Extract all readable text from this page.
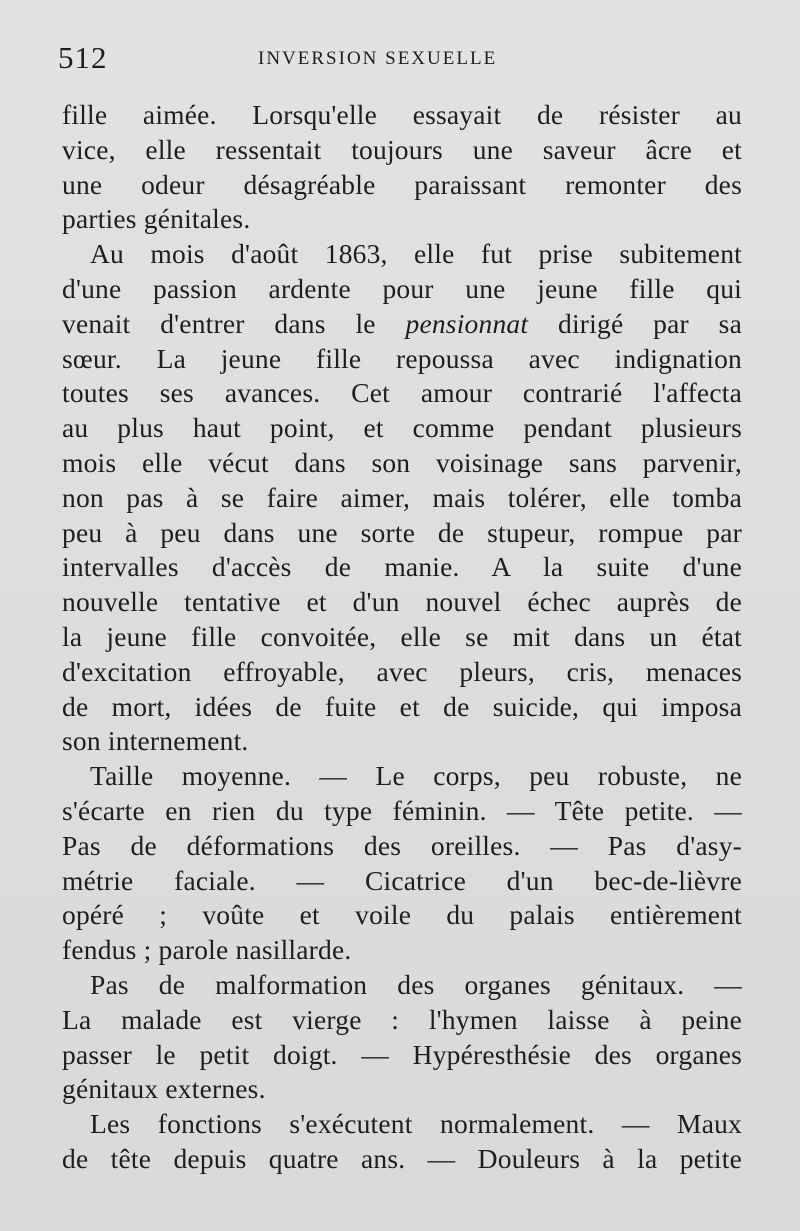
512	INVERSION SEXUELLE
fille aimée. Lorsqu'elle essayait de résister au
vice, elle ressentait toujours une saveur âcre et
une odeur désagréable paraissant remonter des
parties génitales.
Au mois d'août 1863, elle fut prise subitement
d'une passion ardente pour une jeune fille qui
venait d'entrer dans le pensionnat dirigé par sa
sœur. La jeune fille repoussa avec indignation
toutes ses avances. Cet amour contrarié l'affecta
au plus haut point, et comme pendant plusieurs
mois elle vécut dans son voisinage sans parvenir,
non pas à se faire aimer, mais tolérer, elle tomba
peu à peu dans une sorte de stupeur, rompue par
intervalles d'accès de manie. A la suite d'une
nouvelle tentative et d'un nouvel échec auprès de
la jeune fille convoitée, elle se mit dans un état
d'excitation effroyable, avec pleurs, cris, menaces
de mort, idées de fuite et de suicide, qui imposa
son internement.
Taille moyenne. — Le corps, peu robuste, ne
s'écarte en rien du type féminin. — Tête petite. —
Pas de déformations des oreilles. — Pas d'asy-
métrie faciale. — Cicatrice d'un bec-de-lièvre
opéré ; voûte et voile du palais entièrement
fendus ; parole nasillarde.
Pas de malformation des organes génitaux. —
La malade est vierge : l'hymen laisse à peine
passer le petit doigt. — Hypéresthésie des organes
génitaux externes.
Les fonctions s'exécutent normalement. — Maux
de tête depuis quatre ans. — Douleurs à la petite
